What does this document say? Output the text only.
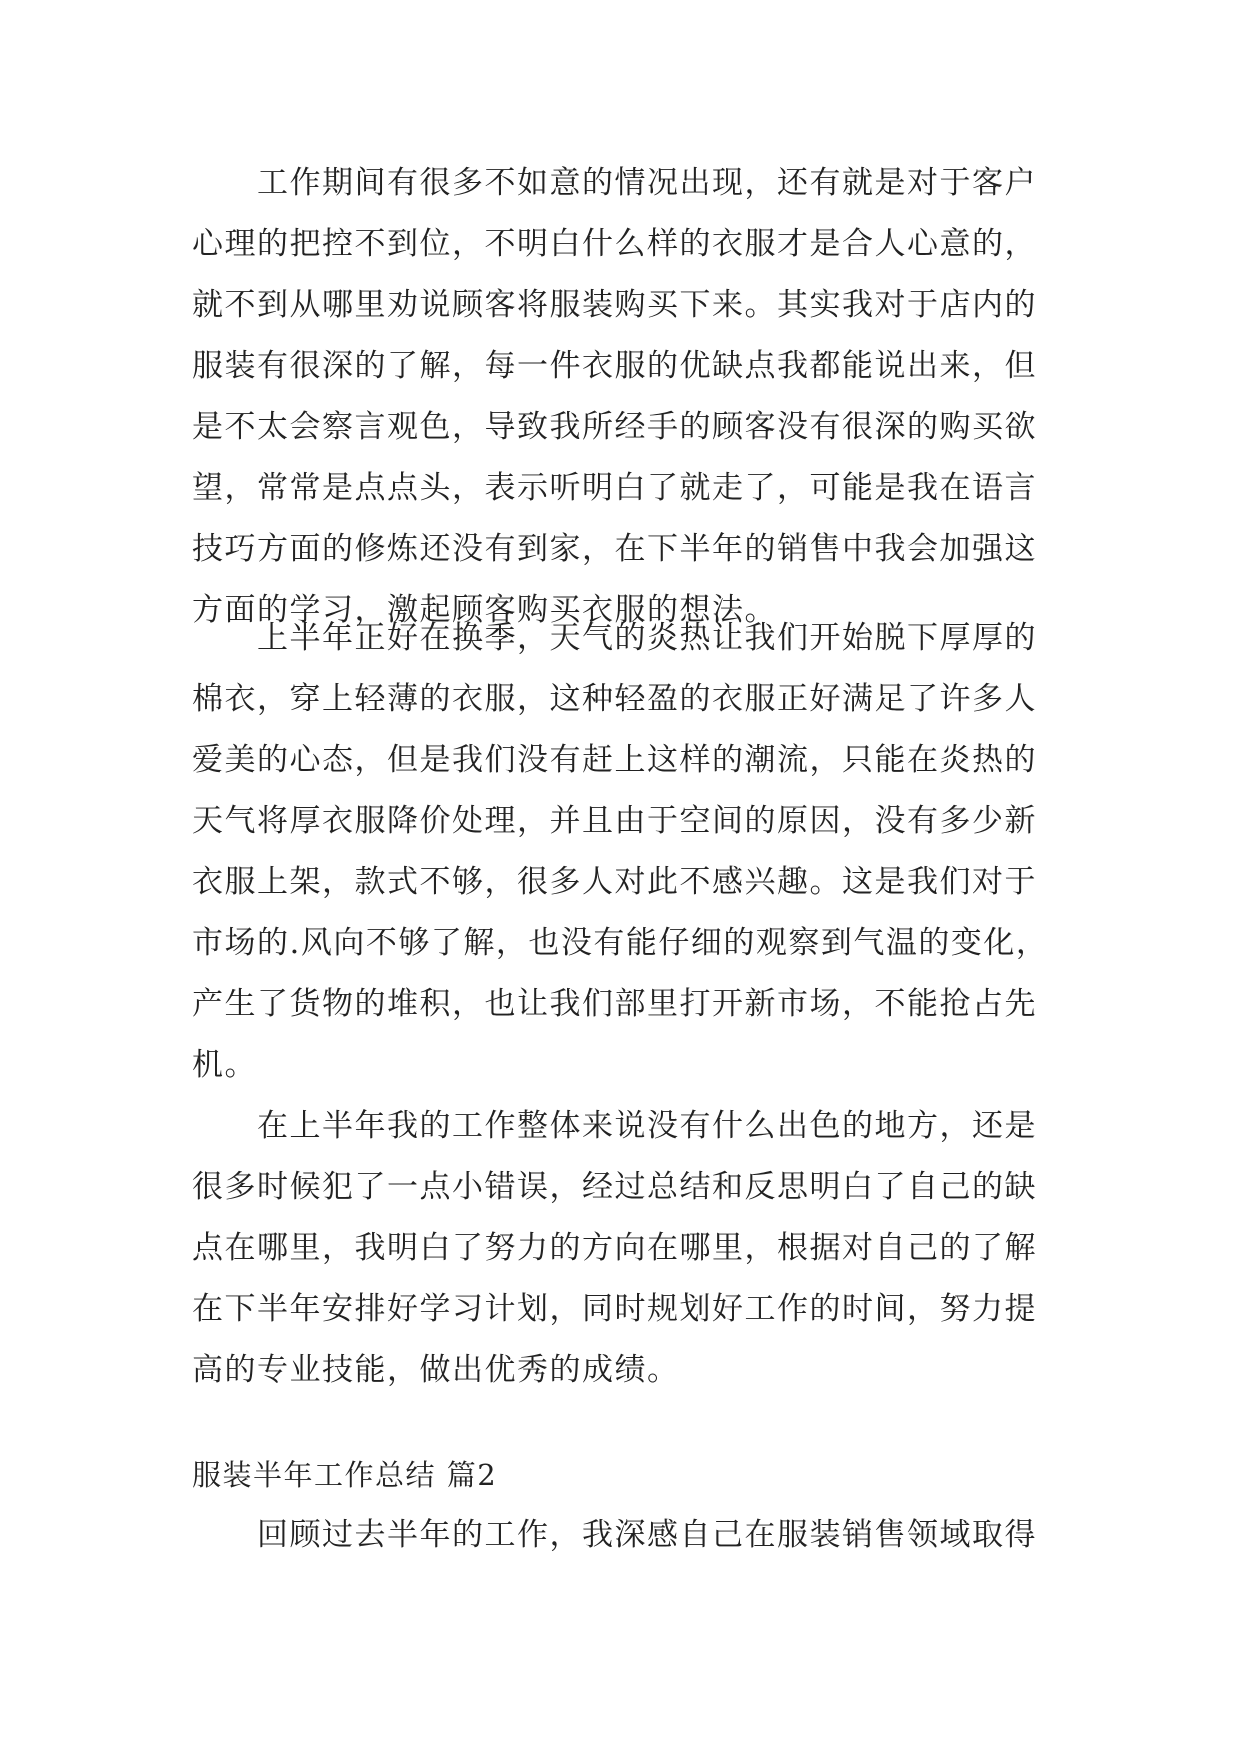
　　工作期间有很多不如意的情况出现，还有就是对于客户
心理的把控不到位，不明白什么样的衣服才是合人心意的，
就不到从哪里劝说顾客将服装购买下来。其实我对于店内的
服装有很深的了解，每一件衣服的优缺点我都能说出来，但
是不太会察言观色，导致我所经手的顾客没有很深的购买欲
望，常常是点点头，表示听明白了就走了，可能是我在语言
技巧方面的修炼还没有到家，在下半年的销售中我会加强这
方面的学习，激起顾客购买衣服的想法。
　　上半年正好在换季，天气的炎热让我们开始脱下厚厚的
棉衣，穿上轻薄的衣服，这种轻盈的衣服正好满足了许多人
爱美的心态，但是我们没有赶上这样的潮流，只能在炎热的
天气将厚衣服降价处理，并且由于空间的原因，没有多少新
衣服上架，款式不够，很多人对此不感兴趣。这是我们对于
市场的.风向不够了解，也没有能仔细的观察到气温的变化，
产生了货物的堆积，也让我们部里打开新市场，不能抢占先
机。
　　在上半年我的工作整体来说没有什么出色的地方，还是
很多时候犯了一点小错误，经过总结和反思明白了自己的缺
点在哪里，我明白了努力的方向在哪里，根据对自己的了解
在下半年安排好学习计划，同时规划好工作的时间，努力提
高的专业技能，做出优秀的成绩。
服装半年工作总结 篇2
　　回顾过去半年的工作，我深感自己在服装销售领域取得
